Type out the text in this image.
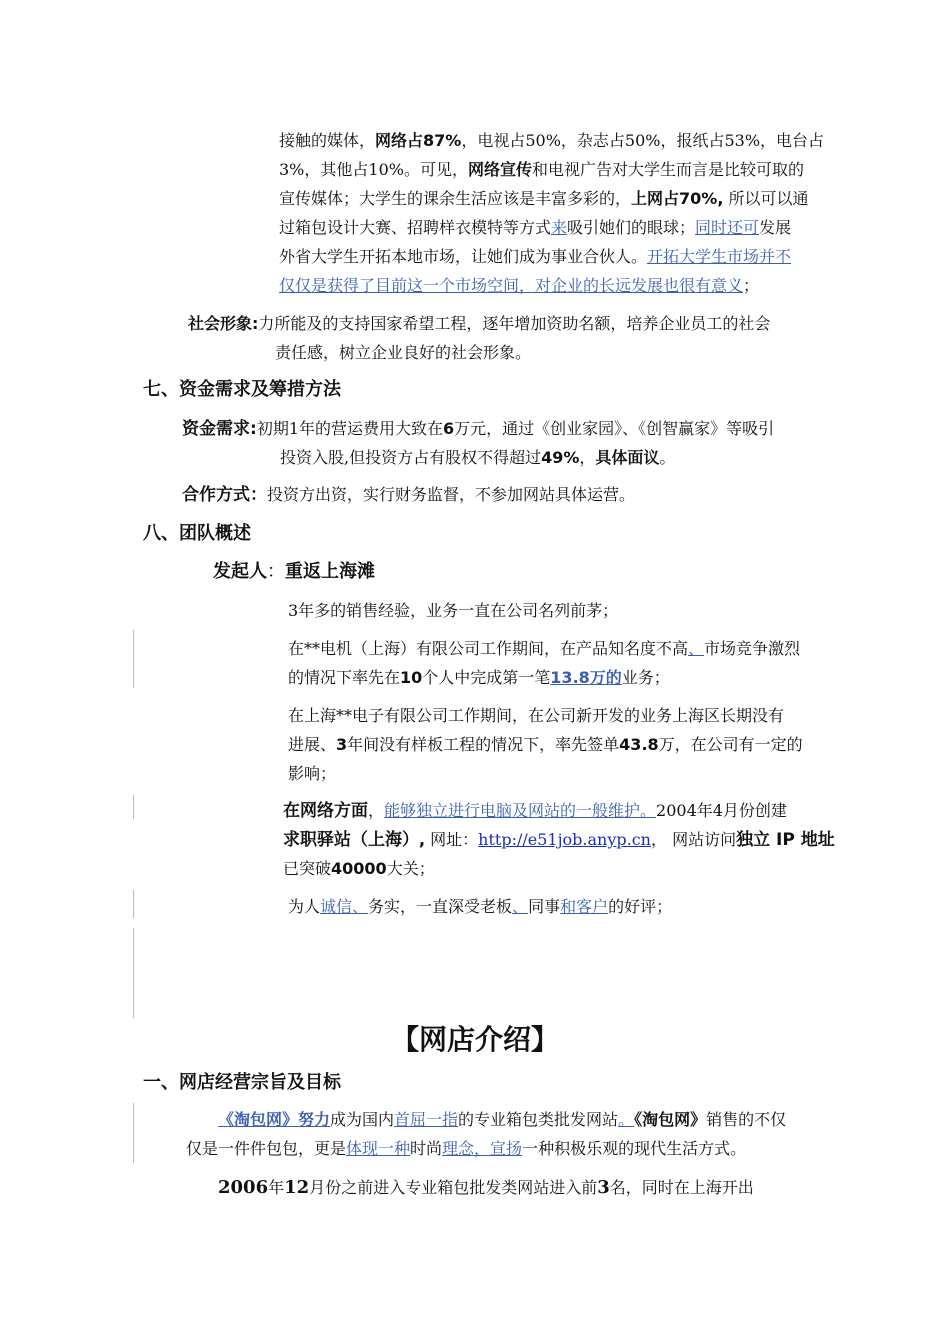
接触的媒体，网络占87%，电视占50%，杂志占50%，报纸占53%，电台占
3%，其他占10%。可见，网络宣传和电视广告对大学生而言是比较可取的
宣传媒体；大学生的课余生活应该是丰富多彩的，上网占70%, 所以可以通
过箱包设计大赛、招聘样衣模特等方式来吸引她们的眼球；同时还可发展
外省大学生开拓本地市场，让她们成为事业合伙人。开拓大学生市场并不
仅仅是获得了目前这一个市场空间，对企业的长远发展也很有意义；
社会形象:力所能及的支持国家希望工程，逐年增加资助名额，培养企业员工的社会
责任感，树立企业良好的社会形象。
七、资金需求及筹措方法
资金需求:初期1年的营运费用大致在6万元，通过《创业家园》、《创智赢家》等吸引
投资入股,但投资方占有股权不得超过49%，具体面议。
合作方式：投资方出资，实行财务监督，不参加网站具体运营。
八、团队概述
发起人：重返上海滩
3年多的销售经验，业务一直在公司名列前茅；
在**电机（上海）有限公司工作期间，在产品知名度不高、市场竞争激烈
的情况下率先在10个人中完成第一笔13.8万的业务；
在上海**电子有限公司工作期间，在公司新开发的业务上海区长期没有
进展、3年间没有样板工程的情况下，率先签单43.8万，在公司有一定的
影响；
在网络方面，能够独立进行电脑及网站的一般维护。2004年4月份创建
求职驿站（上海）, 网址：http://e51job.anyp.cn， 网站访问独立 IP 地址
已突破40000大关；
为人诚信、务实，一直深受老板、同事和客户的好评；
【网店介绍】
一、网店经营宗旨及目标
《淘包网》努力成为国内首屈一指的专业箱包类批发网站。《淘包网》销售的不仅
仅是一件件包包，更是体现一种时尚理念，宣扬一种积极乐观的现代生活方式。
2006年12月份之前进入专业箱包批发类网站进入前3名，同时在上海开出
